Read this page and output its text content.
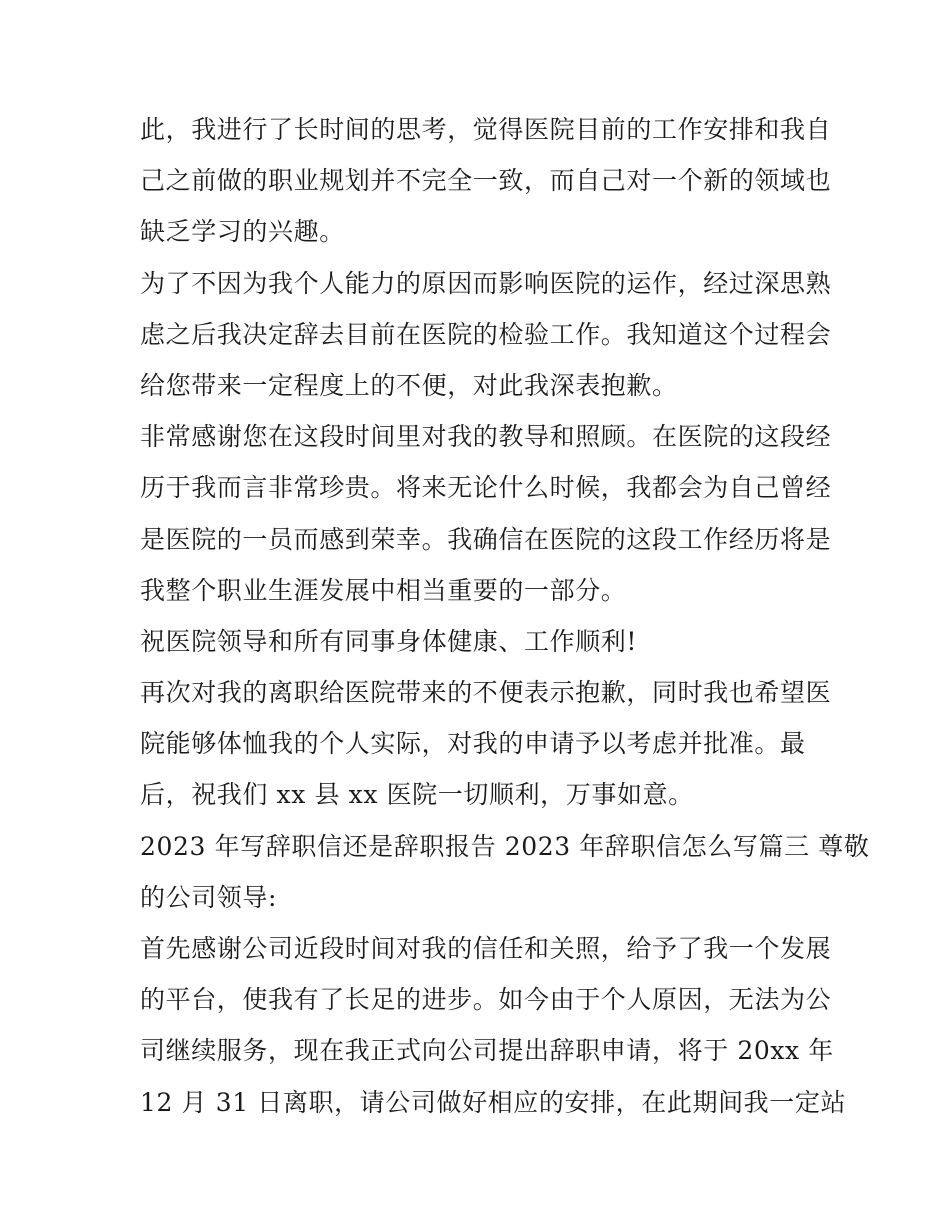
此，我进行了长时间的思考，觉得医院目前的工作安排和我自
己之前做的职业规划并不完全一致，而自己对一个新的领域也
缺乏学习的兴趣。
为了不因为我个人能力的原因而影响医院的运作，经过深思熟
虑之后我决定辞去目前在医院的检验工作。我知道这个过程会
给您带来一定程度上的不便，对此我深表抱歉。
非常感谢您在这段时间里对我的教导和照顾。在医院的这段经
历于我而言非常珍贵。将来无论什么时候，我都会为自己曾经
是医院的一员而感到荣幸。我确信在医院的这段工作经历将是
我整个职业生涯发展中相当重要的一部分。
祝医院领导和所有同事身体健康、工作顺利!
再次对我的离职给医院带来的不便表示抱歉，同时我也希望医
院能够体恤我的个人实际，对我的申请予以考虑并批准。最
后，祝我们 xx 县 xx 医院一切顺利，万事如意。
2023 年写辞职信还是辞职报告 2023 年辞职信怎么写篇三 尊敬
的公司领导:
首先感谢公司近段时间对我的信任和关照，给予了我一个发展
的平台，使我有了长足的进步。如今由于个人原因，无法为公
司继续服务，现在我正式向公司提出辞职申请，将于 20xx 年
12 月 31 日离职，请公司做好相应的安排，在此期间我一定站
